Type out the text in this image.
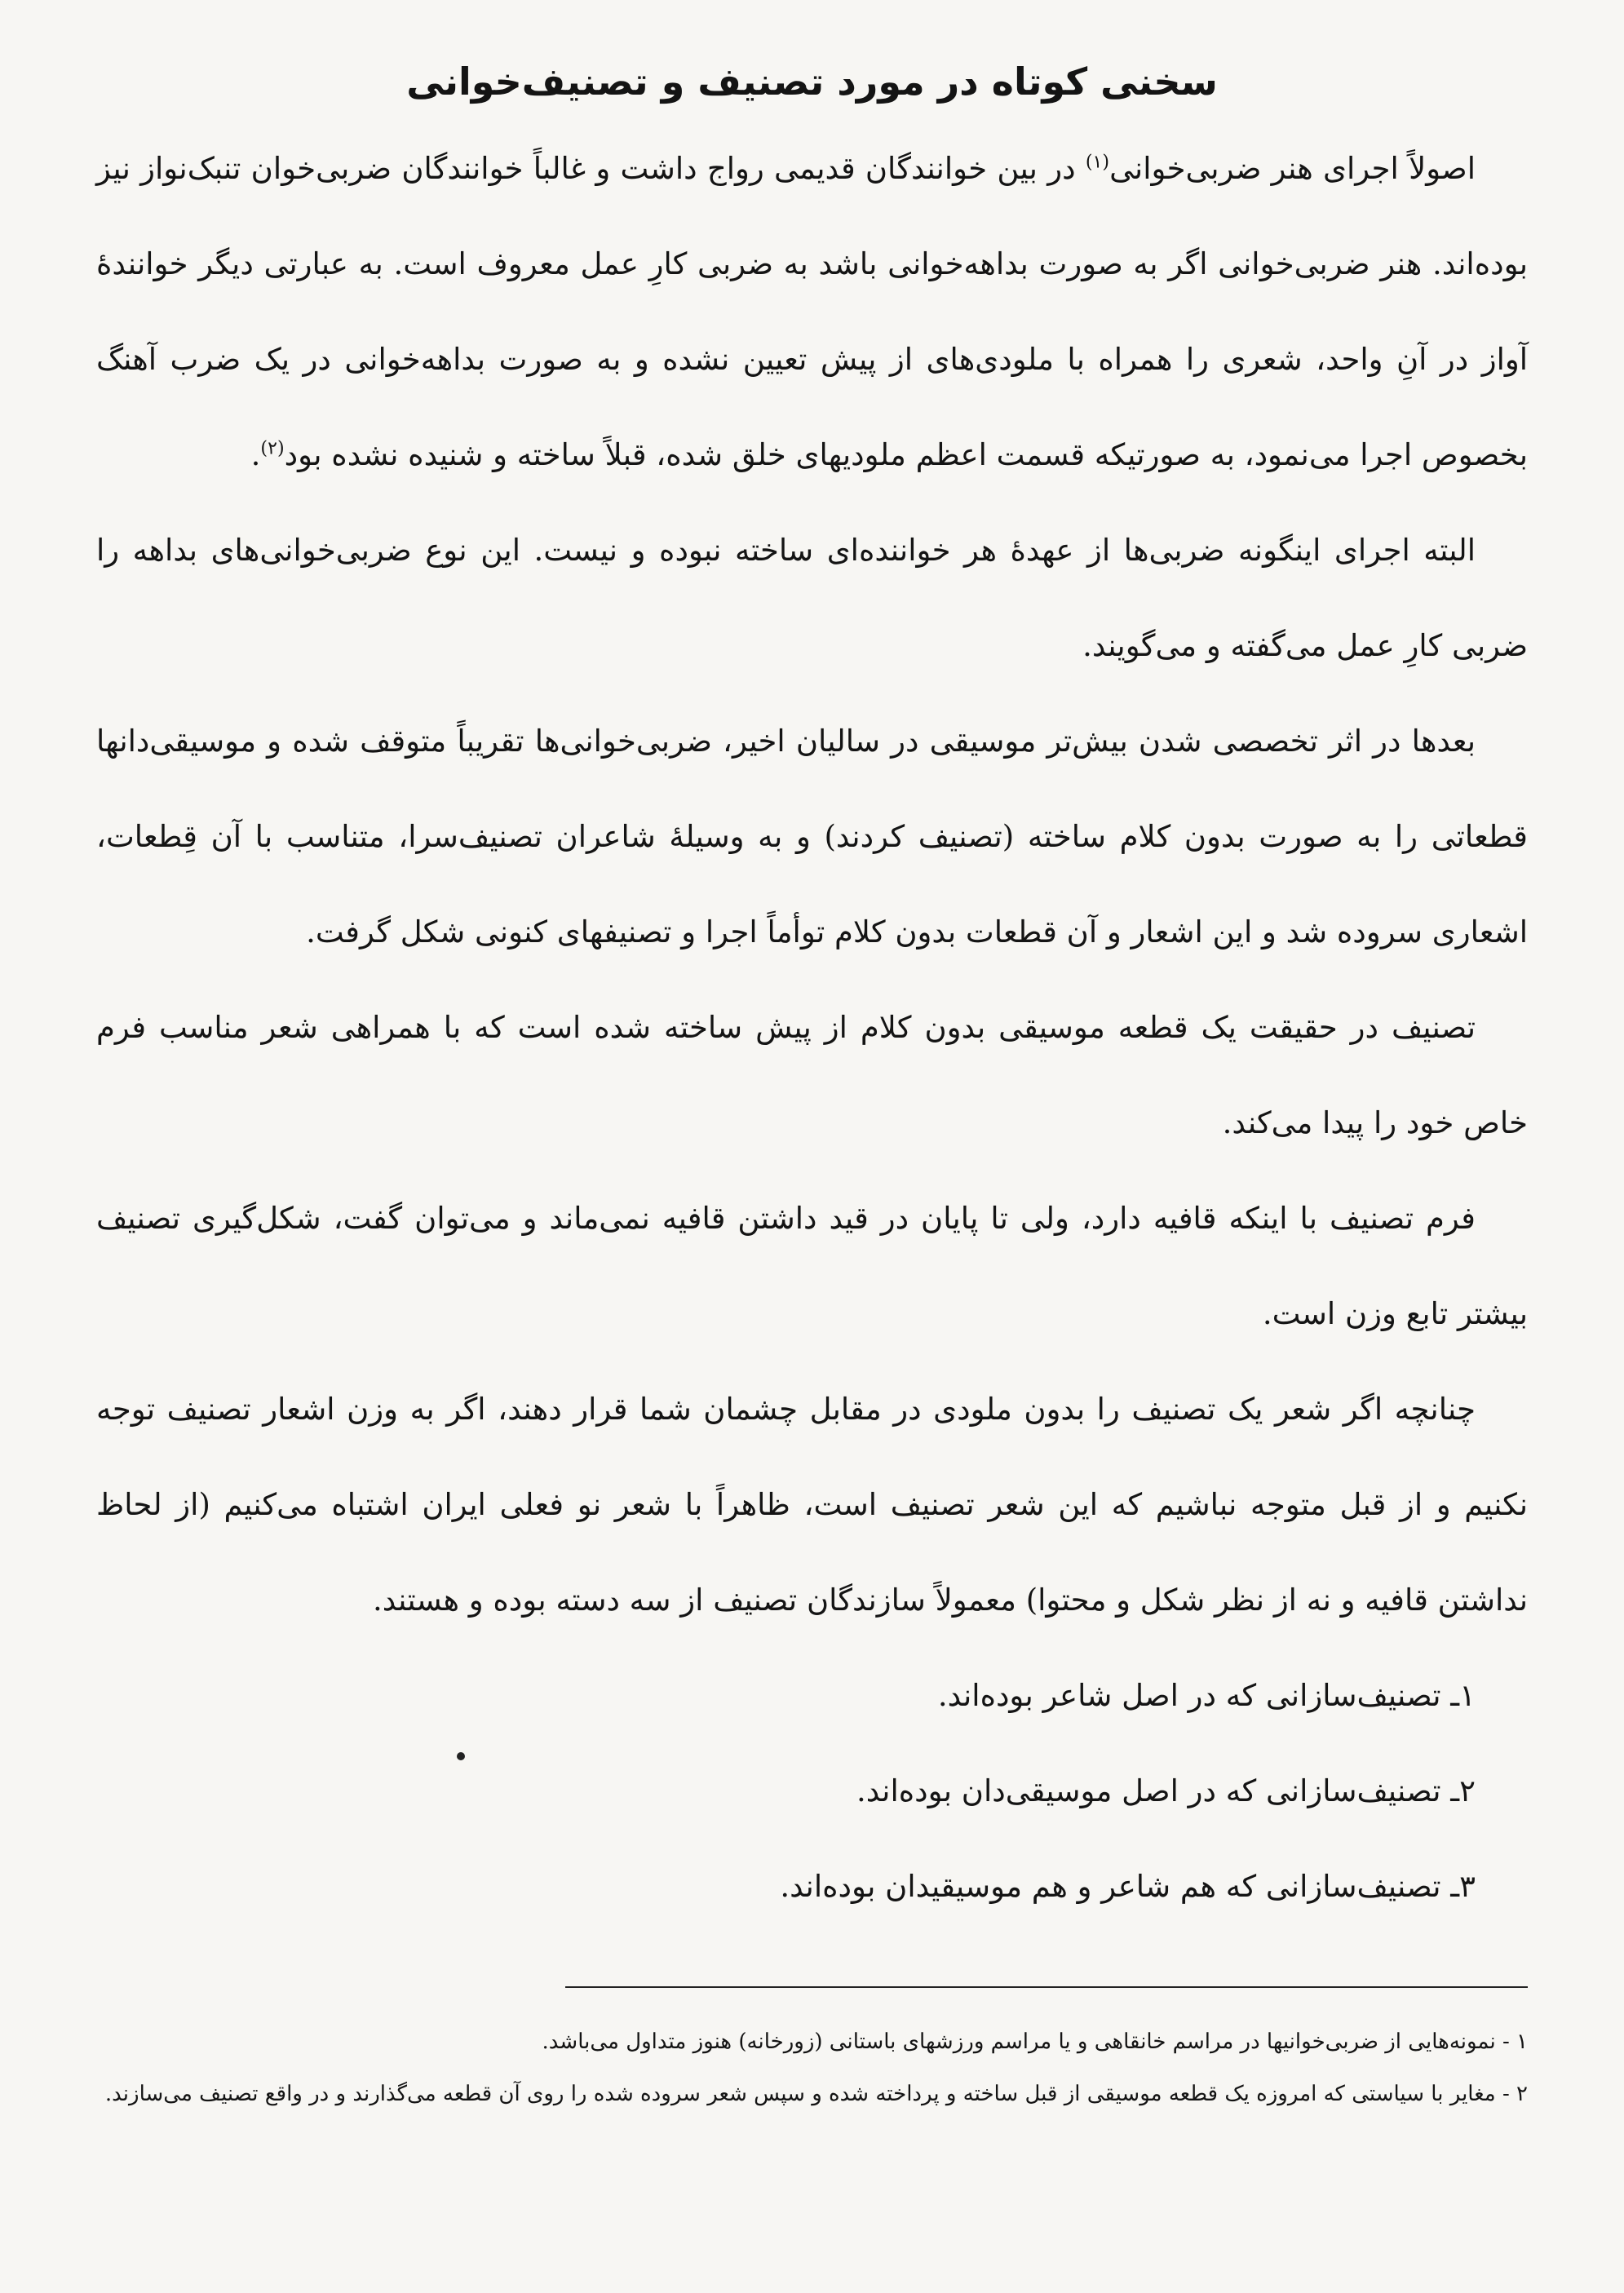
سخنی کوتاه در مورد تصنیف و تصنیف‌خوانی

اصولاً اجرای هنر ضربی‌خوانی$^{(۱)}$ در بین خوانندگان قدیمی رواج داشت و غالباً خوانندگان ضربی‌خوان تنبک‌نواز نیز بوده‌اند. هنر ضربی‌خوانی اگر به صورت بداهه‌خوانی باشد به ضربی کارِ عمل معروف است. به عبارتی دیگر خوانندهٔ آواز در آنِ واحد، شعری را همراه با ملودی‌های از پیش تعیین نشده و به صورت بداهه‌خوانی در یک ضرب آهنگ بخصوص اجرا می‌نمود، به صورتیکه قسمت اعظم ملودیهای خلق شده، قبلاً ساخته و شنیده نشده بود$^{(۲)}$.

البته اجرای اینگونه ضربی‌ها از عهدهٔ هر خواننده‌ای ساخته نبوده و نیست. این نوع ضربی‌خوانی‌های بداهه را ضربی کارِ عمل می‌گفته و می‌گویند.

بعدها در اثر تخصصی شدن بیش‌تر موسیقی در سالیان اخیر، ضربی‌خوانی‌ها تقریباً متوقف شده و موسیقی‌دانها قطعاتی را به صورت بدون کلام ساخته (تصنیف کردند) و به وسیلهٔ شاعران تصنیف‌سرا، متناسب با آن قِطعات، اشعاری سروده شد و این اشعار و آن قطعات بدون کلام توأماً اجرا و تصنیفهای کنونی شکل گرفت.

تصنیف در حقیقت یک قطعه موسیقی بدون کلام از پیش ساخته شده است که با همراهی شعر مناسب فرم خاص خود را پیدا می‌کند.

فرم تصنیف با اینکه قافیه دارد، ولی تا پایان در قید داشتن قافیه نمی‌ماند و می‌توان گفت، شکل‌گیری تصنیف بیشتر تابع وزن است.

چنانچه اگر شعر یک تصنیف را بدون ملودی در مقابل چشمان شما قرار دهند، اگر به وزن اشعار تصنیف توجه نکنیم و از قبل متوجه نباشیم که این شعر تصنیف است، ظاهراً با شعر نو فعلی ایران اشتباه می‌کنیم (از لحاظ نداشتن قافیه و نه از نظر شکل و محتوا) معمولاً سازندگان تصنیف از سه دسته بوده و هستند.

۱ـ تصنیف‌سازانی که در اصل شاعر بوده‌اند.
۲ـ تصنیف‌سازانی که در اصل موسیقی‌دان بوده‌اند.
۳ـ تصنیف‌سازانی که هم شاعر و هم موسیقیدان بوده‌اند.

۱ - نمونه‌هایی از ضربی‌خوانیها در مراسم خانقاهی و یا مراسم ورزشهای باستانی (زورخانه) هنوز متداول می‌باشد.

۲ - مغایر با سیاستی که امروزه یک قطعه موسیقی از قبل ساخته و پرداخته شده و سپس شعر سروده شده را روی آن قطعه می‌گذارند و در واقع تصنیف می‌سازند.
